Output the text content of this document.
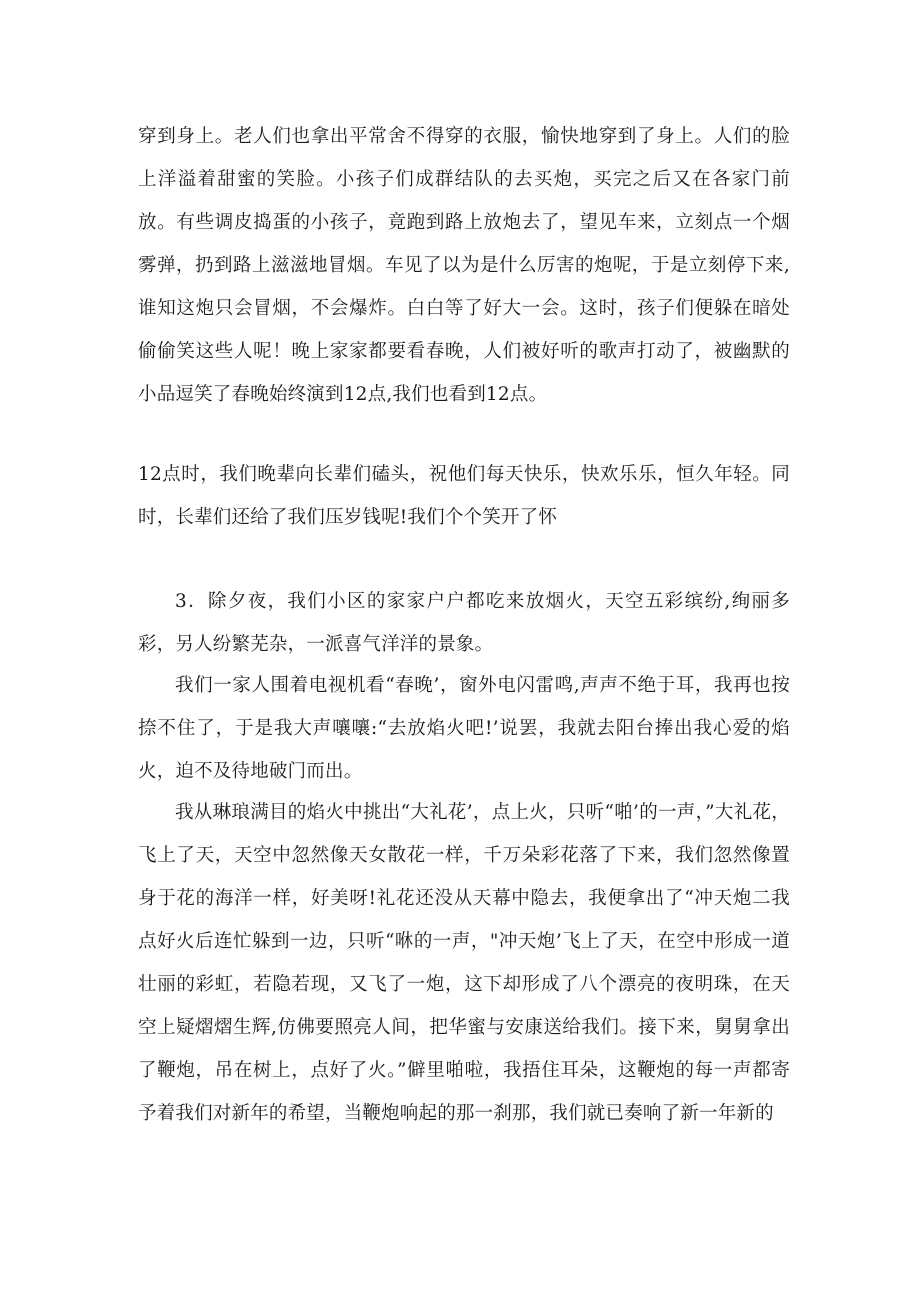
穿到身上。老人们也拿出平常舍不得穿的衣服，愉快地穿到了身上。人们的脸上洋溢着甜蜜的笑脸。小孩子们成群结队的去买炮，买完之后又在各家门前放。有些调皮捣蛋的小孩子，竟跑到路上放炮去了，望见车来，立刻点一个烟雾弹，扔到路上滋滋地冒烟。车见了以为是什么厉害的炮呢，于是立刻停下来,谁知这炮只会冒烟，不会爆炸。白白等了好大一会。这时，孩子们便躲在暗处偷偷笑这些人呢！晚上家家都要看春晚，人们被好听的歌声打动了，被幽默的小品逗笑了春晚始终演到12点,我们也看到12点。

12点时，我们晚辈向长辈们磕头，祝他们每天快乐，快欢乐乐，恒久年轻。同时，长辈们还给了我们压岁钱呢!我们个个笑开了怀

3．除夕夜，我们小区的家家户户都吃来放烟火，天空五彩缤纷,绚丽多彩，另人纷繁芜杂，一派喜气洋洋的景象。

我们一家人围着电视机看“春晚’，窗外电闪雷鸣,声声不绝于耳，我再也按捺不住了，于是我大声嚷嚷:“去放焰火吧!’说罢，我就去阳台捧出我心爱的焰火，迫不及待地破门而出。

我从琳琅满目的焰火中挑出“大礼花’，点上火，只听“啪’的一声，”大礼花，飞上了天，天空中忽然像天女散花一样，千万朵彩花落了下来，我们忽然像置身于花的海洋一样，好美呀!礼花还没从天幕中隐去，我便拿出了“冲天炮二我点好火后连忙躲到一边，只听“咻的一声，"冲天炮’飞上了天，在空中形成一道壮丽的彩虹，若隐若现，又飞了一炮，这下却形成了八个漂亮的夜明珠，在天空上疑熠熠生辉,仿佛要照亮人间，把华蜜与安康送给我们。接下来，舅舅拿出了鞭炮，吊在树上，点好了火。”僻里啪啦，我捂住耳朵，这鞭炮的每一声都寄予着我们对新年的希望，当鞭炮响起的那一刹那，我们就已奏响了新一年新的
